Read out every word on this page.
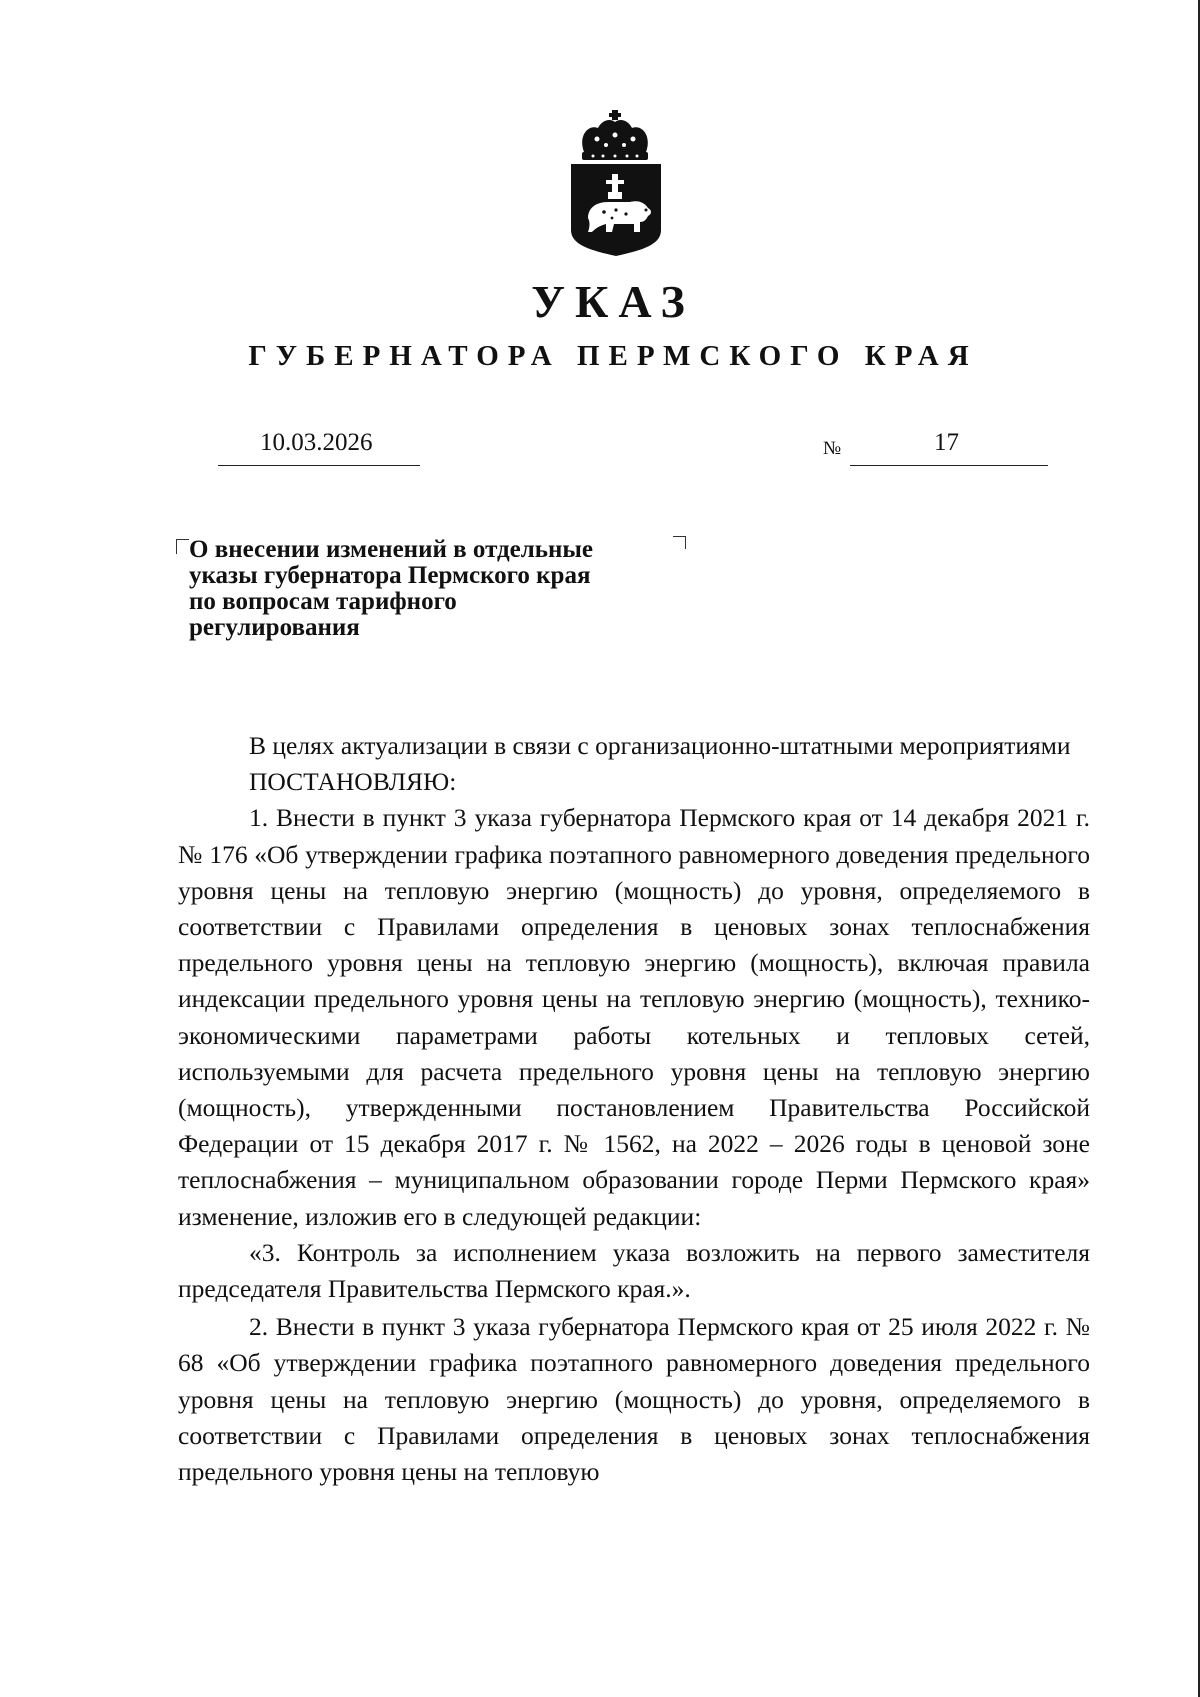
УКАЗ
ГУБЕРНАТОРА ПЕРМСКОГО КРАЯ
10.03.2026	№	17
О внесении изменений в отдельные
указы губернатора Пермского края
по вопросам тарифного
регулирования

В целях актуализации в связи с организационно-штатными мероприятиями

ПОСТАНОВЛЯЮ:

1. Внести в пункт 3 указа губернатора Пермского края от 14 декабря 2021 г. № 176 «Об утверждении графика поэтапного равномерного доведения предельного уровня цены на тепловую энергию (мощность) до уровня, определяемого в соответствии с Правилами определения в ценовых зонах теплоснабжения предельного уровня цены на тепловую энергию (мощность), включая правила индексации предельного уровня цены на тепловую энергию (мощность), технико-экономическими параметрами работы котельных и тепловых сетей, используемыми для расчета предельного уровня цены на тепловую энергию (мощность), утвержденными постановлением Правительства Российской Федерации от 15 декабря 2017 г. № 1562, на 2022 – 2026 годы в ценовой зоне теплоснабжения – муниципальном образовании городе Перми Пермского края» изменение, изложив его в следующей редакции:

«3. Контроль за исполнением указа возложить на первого заместителя председателя Правительства Пермского края.».

2. Внести в пункт 3 указа губернатора Пермского края от 25 июля 2022 г. № 68 «Об утверждении графика поэтапного равномерного доведения предельного уровня цены на тепловую энергию (мощность) до уровня, определяемого в соответствии с Правилами определения в ценовых зонах теплоснабжения предельного уровня цены на тепловую
